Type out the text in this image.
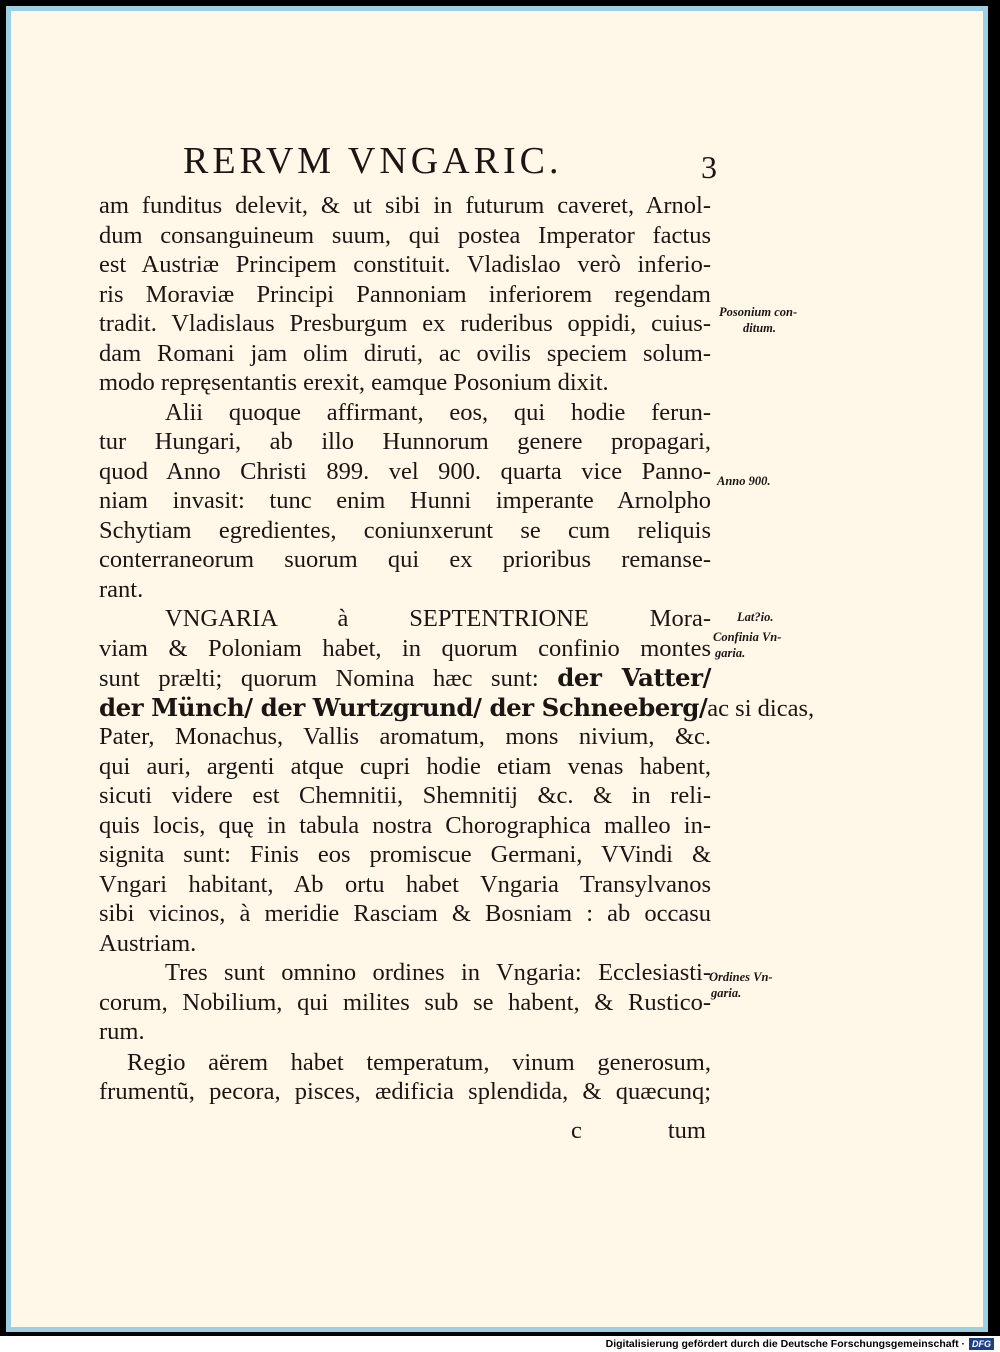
RERVM VNGARIC.	3
am funditus delevit, & ut sibi in futurum caveret, Arnol-
dum consanguineum suum, qui postea Imperator factus
est Austriæ Principem constituit. Vladislao verò inferio-
ris Moraviæ Principi Pannoniam inferiorem regendam
tradit. Vladislaus Presburgum ex ruderibus oppidi, cuius-
dam Romani jam olim diruti, ac ovilis speciem solum-
modo repręsentantis erexit, eamque Posonium dixit.
Alii quoque affirmant, eos, qui hodie ferun-
tur Hungari, ab illo Hunnorum genere propagari,
quod Anno Christi 899. vel 900. quarta vice Panno-
niam invasit: tunc enim Hunni imperante Arnolpho
Schytiam egredientes, coniunxerunt se cum reliquis
conterraneorum suorum qui ex prioribus remanse-
rant.
VNGARIA à SEPTENTRIONE Mora-
viam & Poloniam habet, in quorum confinio montes
sunt prælti; quorum Nomina hæc sunt: der Vatter/
der Münch/ der Wurtzgrund/ der Schneeberg/ac si dicas,
Pater, Monachus, Vallis aromatum, mons nivium, &c.
qui auri, argenti atque cupri hodie etiam venas habent,
sicuti videre est Chemnitii, Shemnitij &c. & in reli-
quis locis, quę in tabula nostra Chorographica malleo in-
signita sunt: Finis eos promiscue Germani, VVindi &
Vngari habitant, Ab ortu habet Vngaria Transylvanos
sibi vicinos, à meridie Rasciam & Bosniam : ab occasu
Austriam.
Tres sunt omnino ordines in Vngaria: Ecclesiasti-
corum, Nobilium, qui milites sub se habent, & Rustico-
rum.
Regio aërem habet temperatum, vinum generosum,
frumentũ, pecora, pisces, ædificia splendida, & quæcunq;
Posonium con-
ditum.
Anno 900.
Lat?io.
Confinia Vn-
garia.
Ordines Vn-
garia.
c	tum
Digitalisierung gefördert durch die Deutsche Forschungsgemeinschaft · DFG
